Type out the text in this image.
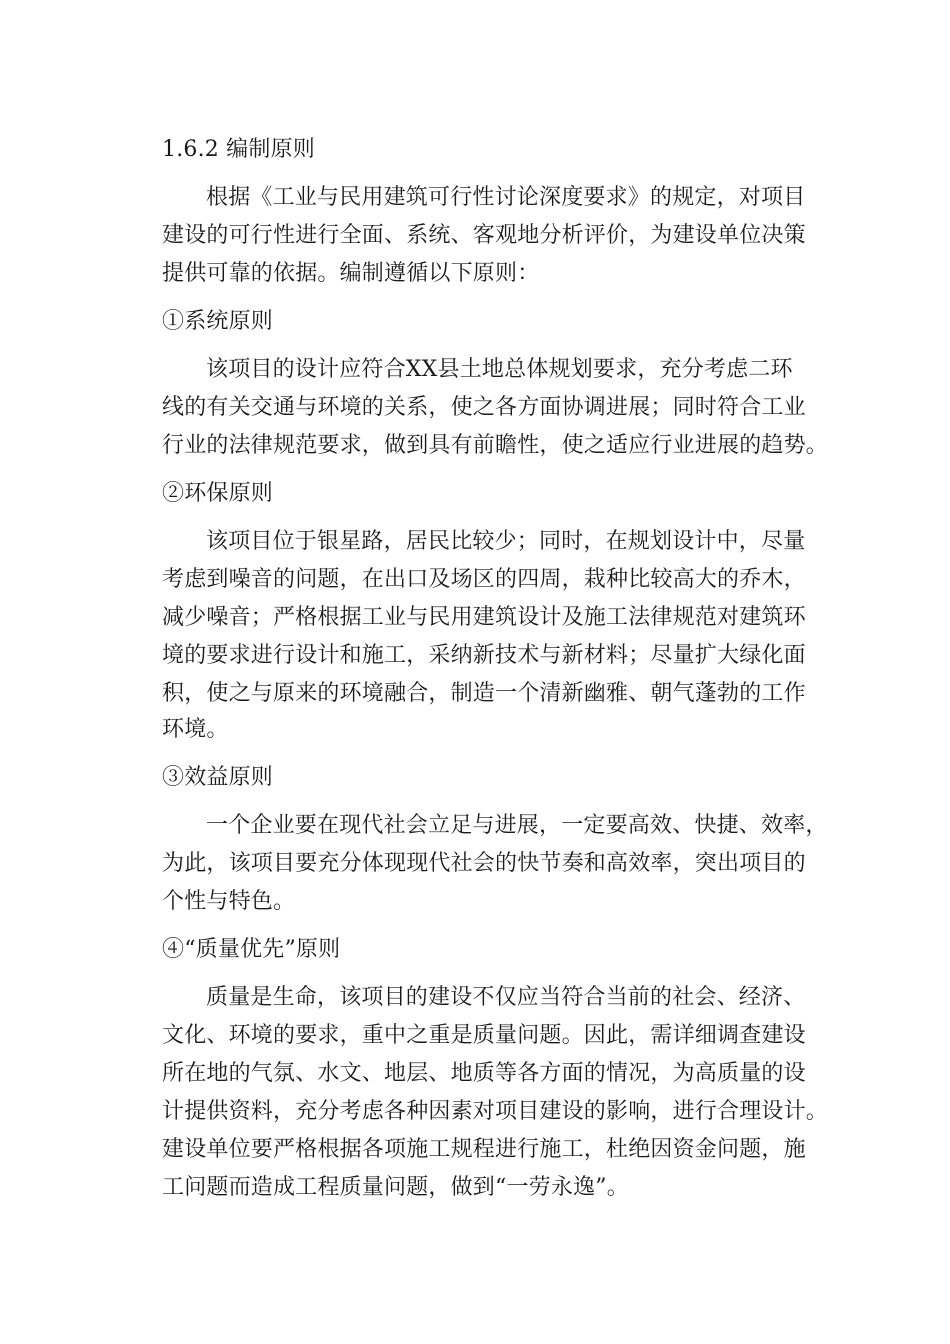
1.6.2 编制原则
根据《工业与民用建筑可行性讨论深度要求》的规定，对项目
建设的可行性进行全面、系统、客观地分析评价，为建设单位决策
提供可靠的依据。编制遵循以下原则：
①系统原则
该项目的设计应符合XX县土地总体规划要求，充分考虑二环
线的有关交通与环境的关系，使之各方面协调进展；同时符合工业
行业的法律规范要求，做到具有前瞻性，使之适应行业进展的趋势。
②环保原则
该项目位于银星路，居民比较少；同时，在规划设计中，尽量
考虑到噪音的问题，在出口及场区的四周，栽种比较高大的乔木，
减少噪音；严格根据工业与民用建筑设计及施工法律规范对建筑环
境的要求进行设计和施工，采纳新技术与新材料；尽量扩大绿化面
积，使之与原来的环境融合，制造一个清新幽雅、朝气蓬勃的工作
环境。
③效益原则
一个企业要在现代社会立足与进展，一定要高效、快捷、效率，
为此，该项目要充分体现现代社会的快节奏和高效率，突出项目的
个性与特色。
④“质量优先”原则
质量是生命，该项目的建设不仅应当符合当前的社会、经济、
文化、环境的要求，重中之重是质量问题。因此，需详细调查建设
所在地的气氛、水文、地层、地质等各方面的情况，为高质量的设
计提供资料，充分考虑各种因素对项目建设的影响，进行合理设计。
建设单位要严格根据各项施工规程进行施工，杜绝因资金问题，施
工问题而造成工程质量问题，做到“一劳永逸”。
